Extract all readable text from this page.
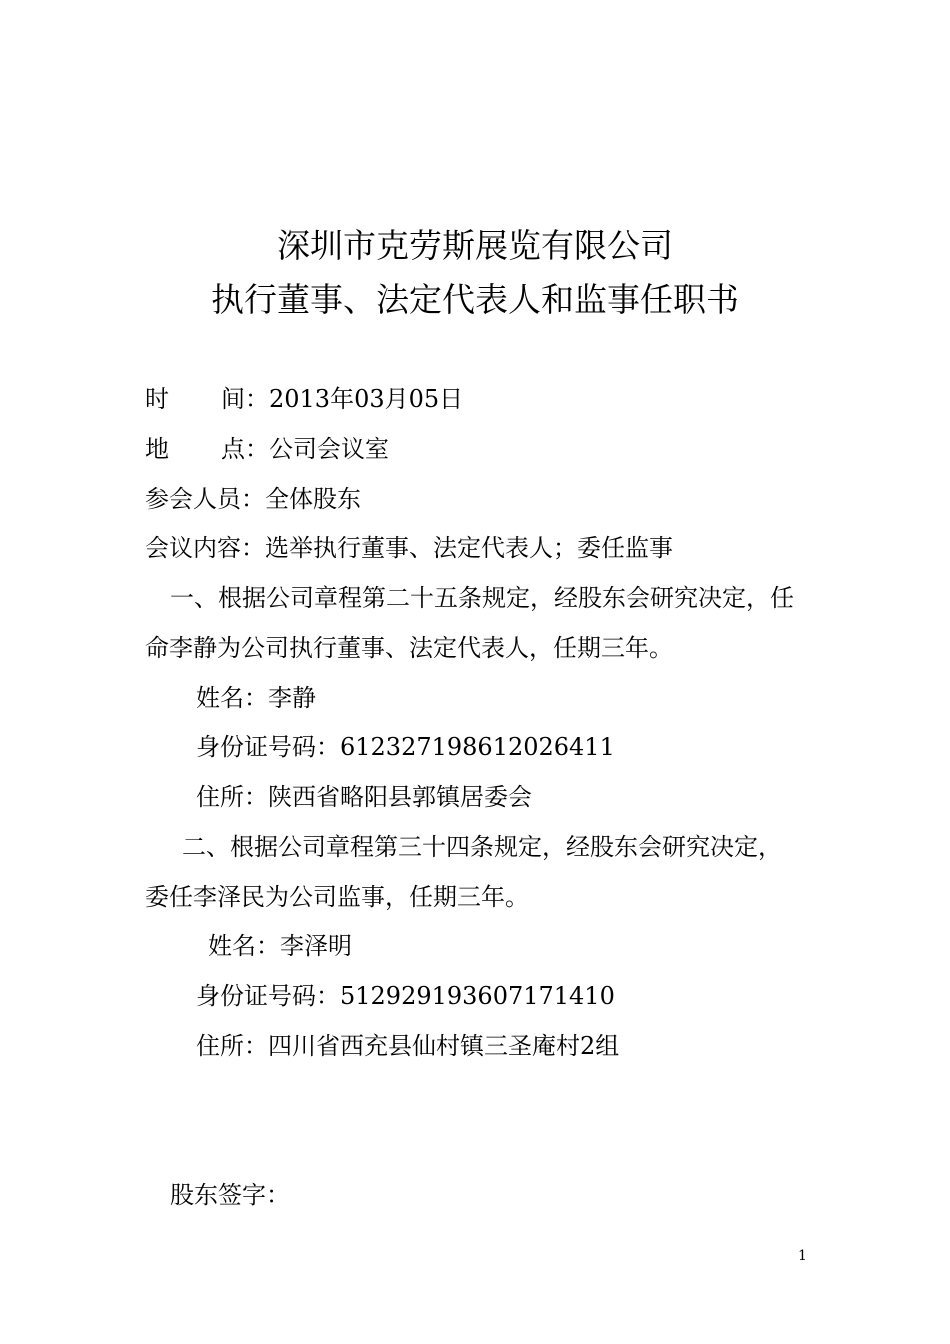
深圳市克劳斯展览有限公司
执行董事、法定代表人和监事任职书
时 间：2013年03月05日
地 点：公司会议室
参会人员：全体股东
会议内容：选举执行董事、法定代表人；委任监事
一、根据公司章程第二十五条规定，经股东会研究决定，任
命李静为公司执行董事、法定代表人，任期三年。
姓名：李静
身份证号码：612327198612026411
住所：陕西省略阳县郭镇居委会
二、根据公司章程第三十四条规定，经股东会研究决定，
委任李泽民为公司监事，任期三年。
姓名：李泽明
身份证号码：512929193607171410
住所：四川省西充县仙村镇三圣庵村2组
股东签字：
1
